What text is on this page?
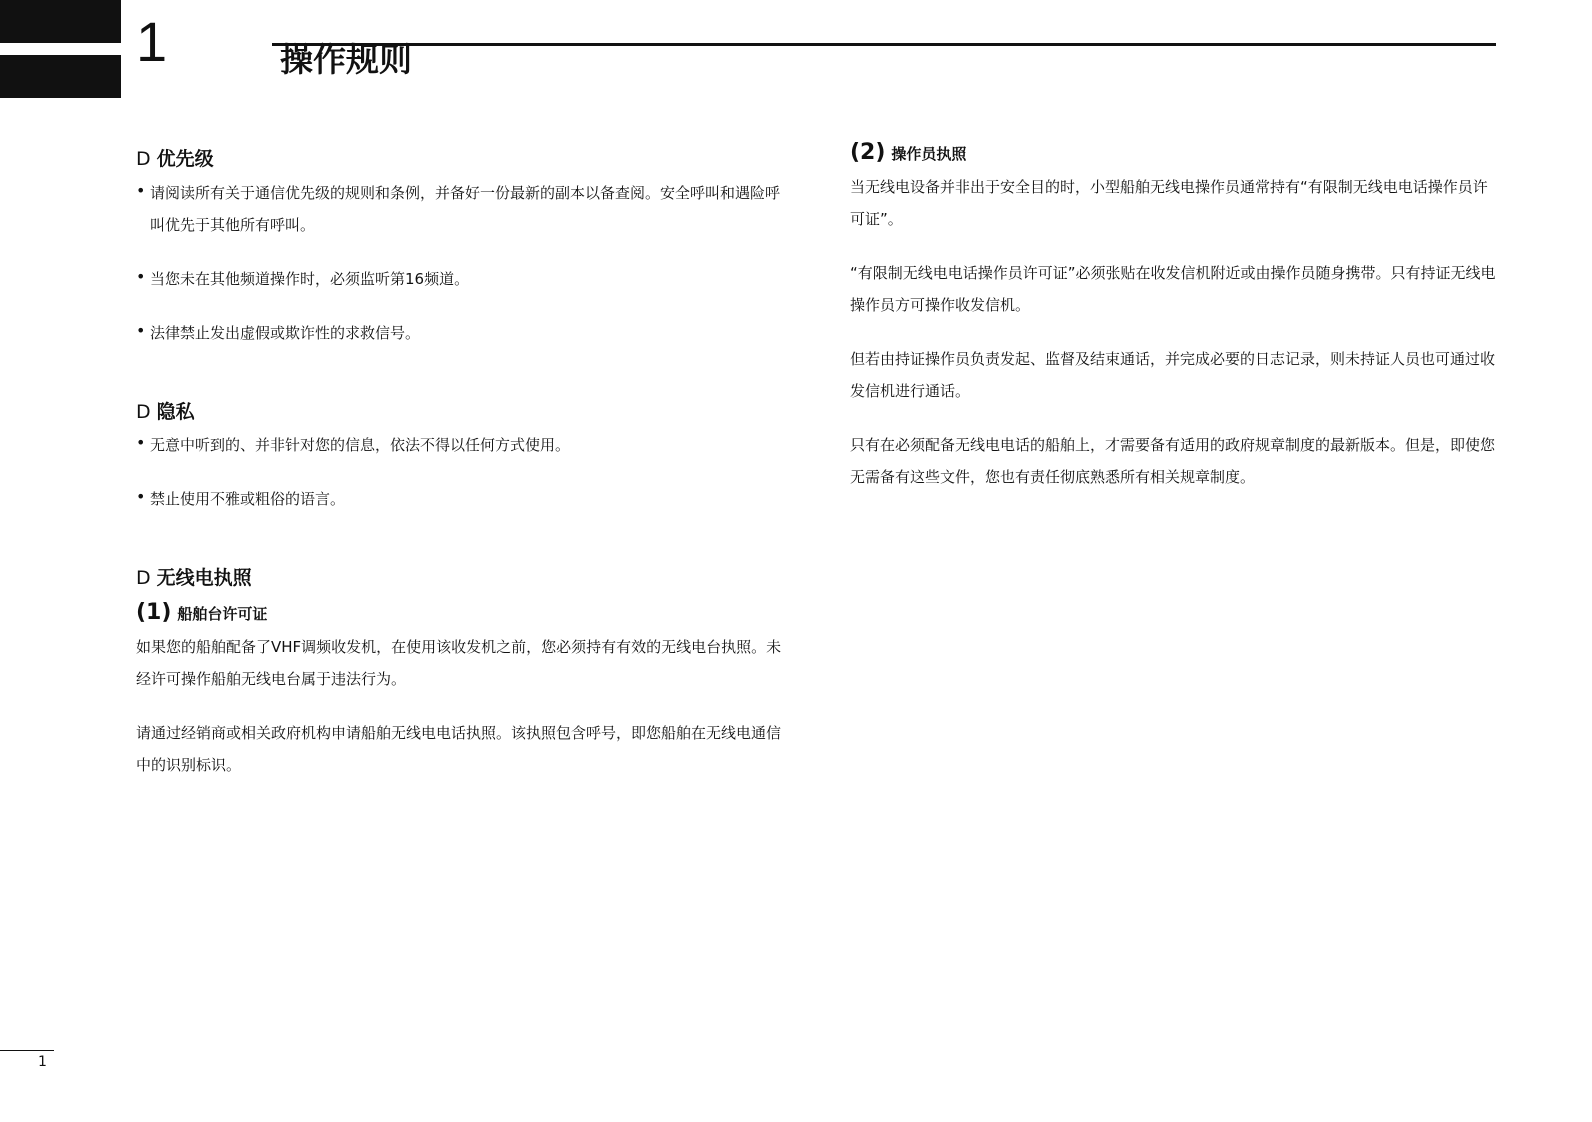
1	操作规则
D 优先级

• 请阅读所有关于通信优先级的规则和条例，并备好一份最新的副本以备查阅。安全呼叫和遇险呼叫优先于其他所有呼叫。

• 当您未在其他频道操作时，必须监听第16频道。

• 法律禁止发出虚假或欺诈性的求救信号。

D 隐私

• 无意中听到的、并非针对您的信息，依法不得以任何方式使用。

• 禁止使用不雅或粗俗的语言。

D 无线电执照
(1) 船舶台许可证

如果您的船舶配备了VHF调频收发机，在使用该收发机之前，您必须持有有效的无线电台执照。未经许可操作船舶无线电台属于违法行为。

请通过经销商或相关政府机构申请船舶无线电电话执照。该执照包含呼号，即您船舶在无线电通信中的识别标识。

(2) 操作员执照

当无线电设备并非出于安全目的时，小型船舶无线电操作员通常持有“有限制无线电电话操作员许可证”。

“有限制无线电电话操作员许可证”必须张贴在收发信机附近或由操作员随身携带。只有持证无线电操作员方可操作收发信机。

但若由持证操作员负责发起、监督及结束通话，并完成必要的日志记录，则未持证人员也可通过收发信机进行通话。

只有在必须配备无线电电话的船舶上，才需要备有适用的政府规章制度的最新版本。但是，即使您无需备有这些文件，您也有责任彻底熟悉所有相关规章制度。

1
